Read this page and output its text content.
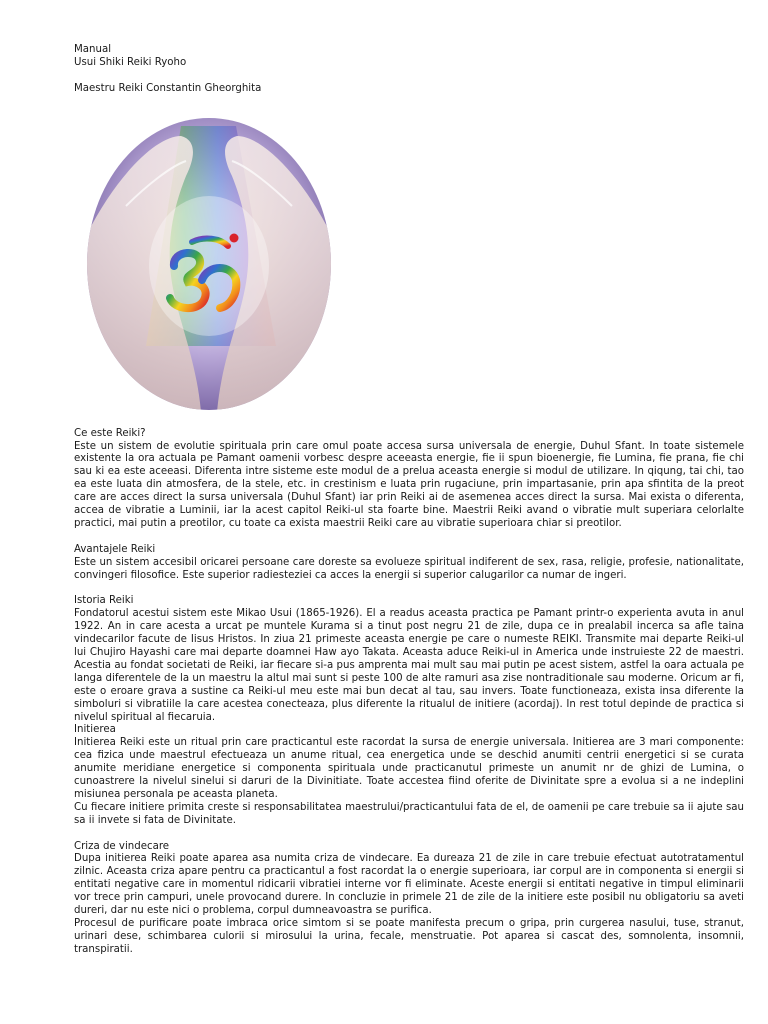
Manual

Usui Shiki Reiki Ryoho

Maestru Reiki Constantin Gheorghita

Ce este Reiki?

Este un sistem de evolutie spirituala prin care omul poate accesa sursa universala de energie, Duhul Sfant. In toate sistemele existente la ora actuala pe Pamant oamenii vorbesc despre aceeasta energie, fie ii spun bioenergie, fie Lumina, fie prana, fie chi sau ki ea este aceeasi. Diferenta intre sisteme este modul de a prelua aceasta energie si modul de utilizare. In qiqung, tai chi, tao ea este luata din atmosfera, de la stele, etc. in crestinism e luata prin rugaciune, prin impartasanie, prin apa sfintita de la preot care are acces direct la sursa universala (Duhul Sfant) iar prin Reiki ai de asemenea acces direct la sursa. Mai exista o diferenta, accea de vibratie a Luminii, iar la acest capitol Reiki-ul sta foarte bine. Maestrii Reiki avand o vibratie mult superiara celorlalte practici, mai putin a preotilor, cu toate ca exista maestrii Reiki care au vibratie superioara chiar si preotilor.

Avantajele Reiki

Este un sistem accesibil oricarei persoane care doreste sa evolueze spiritual indiferent de sex, rasa, religie, profesie, nationalitate, convingeri filosofice. Este superior radiesteziei ca acces la energii si superior calugarilor ca numar de ingeri.

Istoria Reiki

Fondatorul acestui sistem este Mikao Usui (1865-1926). El a readus aceasta practica pe Pamant printr-o experienta avuta in anul 1922. An in care acesta a urcat pe muntele Kurama si a tinut post negru 21 de zile, dupa ce in prealabil incerca sa afle taina vindecarilor facute de Iisus Hristos. In ziua 21 primeste aceasta energie pe care o numeste REIKI. Transmite mai departe Reiki-ul lui Chujiro Hayashi care mai departe doamnei Haw ayo Takata. Aceasta aduce Reiki-ul in America unde instruieste 22 de maestri. Acestia au fondat societati de Reiki, iar fiecare si-a pus amprenta mai mult sau mai putin pe acest sistem, astfel la oara actuala pe langa diferentele de la un maestru la altul mai sunt si peste 100 de alte ramuri asa zise nontraditionale sau moderne. Oricum ar fi, este o eroare grava a sustine ca Reiki-ul meu este mai bun decat al tau, sau invers. Toate functioneaza, exista insa diferente la simboluri si vibratiile la care acestea conecteaza, plus diferente la ritualul de initiere (acordaj). In rest totul depinde de practica si nivelul spiritual al fiecaruia.

Initierea

Initierea Reiki este un ritual prin care practicantul este racordat la sursa de energie universala. Initierea are 3 mari componente: cea fizica unde maestrul efectueaza un anume ritual, cea energetica unde se deschid anumiti centrii energetici si se curata anumite meridiane energetice si componenta spirituala unde practicanutul primeste un anumit nr de ghizi de Lumina, o cunoastrere la nivelul sinelui si daruri de la Divinitiate. Toate accestea fiind oferite de Divinitate spre a evolua si a ne indeplini misiunea personala pe aceasta planeta.

Cu fiecare initiere primita creste si responsabilitatea maestrului/practicantului fata de el, de oamenii pe care trebuie sa ii ajute sau sa ii invete si fata de Divinitate.

Criza de vindecare

Dupa initierea Reiki poate aparea asa numita criza de vindecare. Ea dureaza 21 de zile in care trebuie efectuat autotratamentul zilnic. Aceasta criza apare pentru ca practicantul a fost racordat la o energie superioara, iar corpul are in componenta si energii si entitati negative care in momentul ridicarii vibratiei interne vor fi eliminate. Aceste energii si entitati negative in timpul eliminarii vor trece prin campuri, unele provocand durere. In concluzie in primele 21 de zile de la initiere este posibil nu obligatoriu sa aveti dureri, dar nu este nici o problema, corpul dumneavoastra se purifica.

Procesul de purificare poate imbraca orice simtom si se poate manifesta precum o gripa, prin curgerea nasului, tuse, stranut, urinari dese, schimbarea culorii si mirosului la urina, fecale, menstruatie. Pot aparea si cascat des, somnolenta, insomnii, transpiratii.
